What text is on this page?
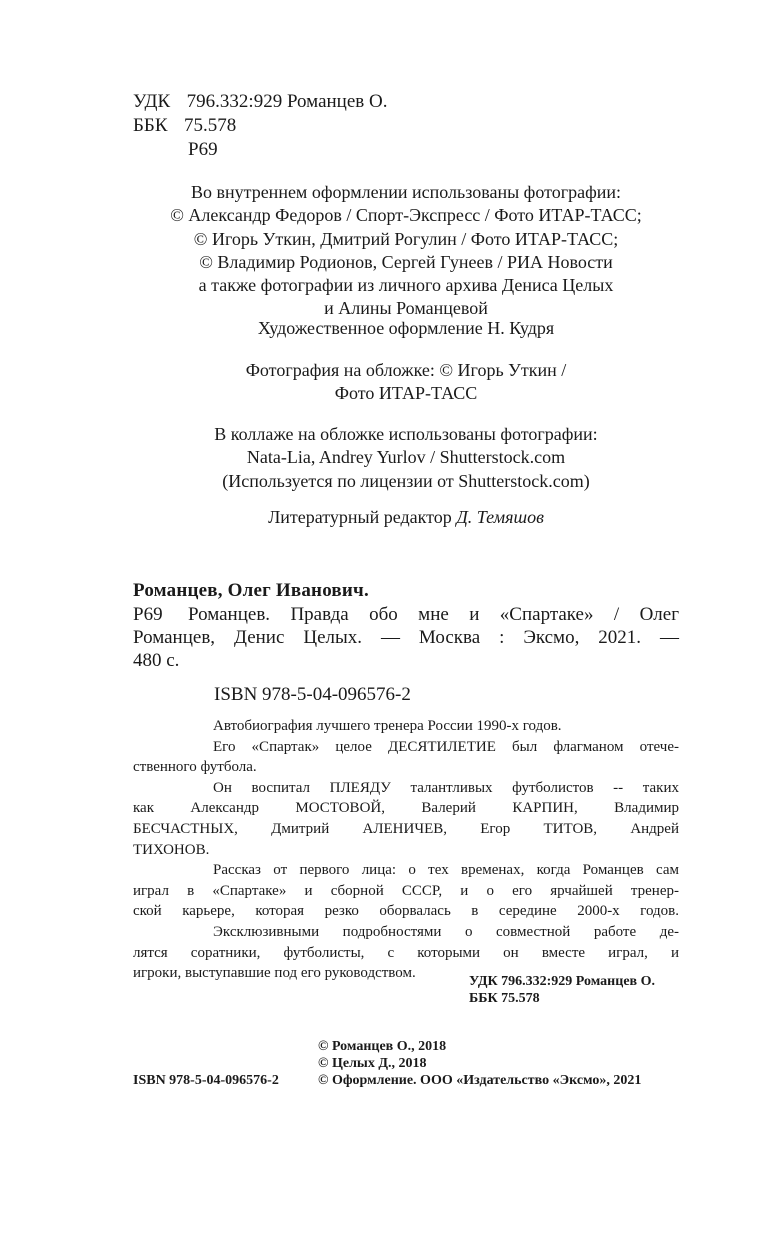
УДК 796.332:929 Романцев О.
ББК 75.578
Р69
Во внутреннем оформлении использованы фотографии:
© Александр Федоров / Спорт-Экспресс / Фото ИТАР-ТАСС;
© Игорь Уткин, Дмитрий Рогулин / Фото ИТАР-ТАСС;
© Владимир Родионов, Сергей Гунеев / РИА Новости
а также фотографии из личного архива Дениса Целых
и Алины Романцевой
Художественное оформление Н. Кудря
Фотография на обложке: © Игорь Уткин /
Фото ИТАР-ТАСС
В коллаже на обложке использованы фотографии:
Nata-Lia, Andrey Yurlov / Shutterstock.com
(Используется по лицензии от Shutterstock.com)
Литературный редактор Д. Темяшов
Романцев, Олег Иванович.
Р69 Романцев. Правда обо мне и «Спартаке» / Олег
Романцев, Денис Целых. — Москва : Эксмо, 2021. —
480 с.
ISBN 978-5-04-096576-2
Автобиография лучшего тренера России 1990-х годов.
Его «Спартак» целое ДЕСЯТИЛЕТИЕ был флагманом отече-
ственного футбола.
Он воспитал ПЛЕЯДУ талантливых футболистов -- таких
как Александр МОСТОВОЙ, Валерий КАРПИН, Владимир
БЕСЧАСТНЫХ, Дмитрий АЛЕНИЧЕВ, Егор ТИТОВ, Андрей
ТИХОНОВ.
Рассказ от первого лица: о тех временах, когда Романцев сам
играл в «Спартаке» и сборной СССР, и о его ярчайшей тренер-
ской карьере, которая резко оборвалась в середине 2000-х годов.
Эксклюзивными подробностями о совместной работе де-
лятся соратники, футболисты, с которыми он вместе играл, и
игроки, выступавшие под его руководством.
УДК 796.332:929 Романцев О.
ББК 75.578
© Романцев О., 2018
© Целых Д., 2018
© Оформление. ООО «Издательство «Эксмо», 2021
ISBN 978-5-04-096576-2
